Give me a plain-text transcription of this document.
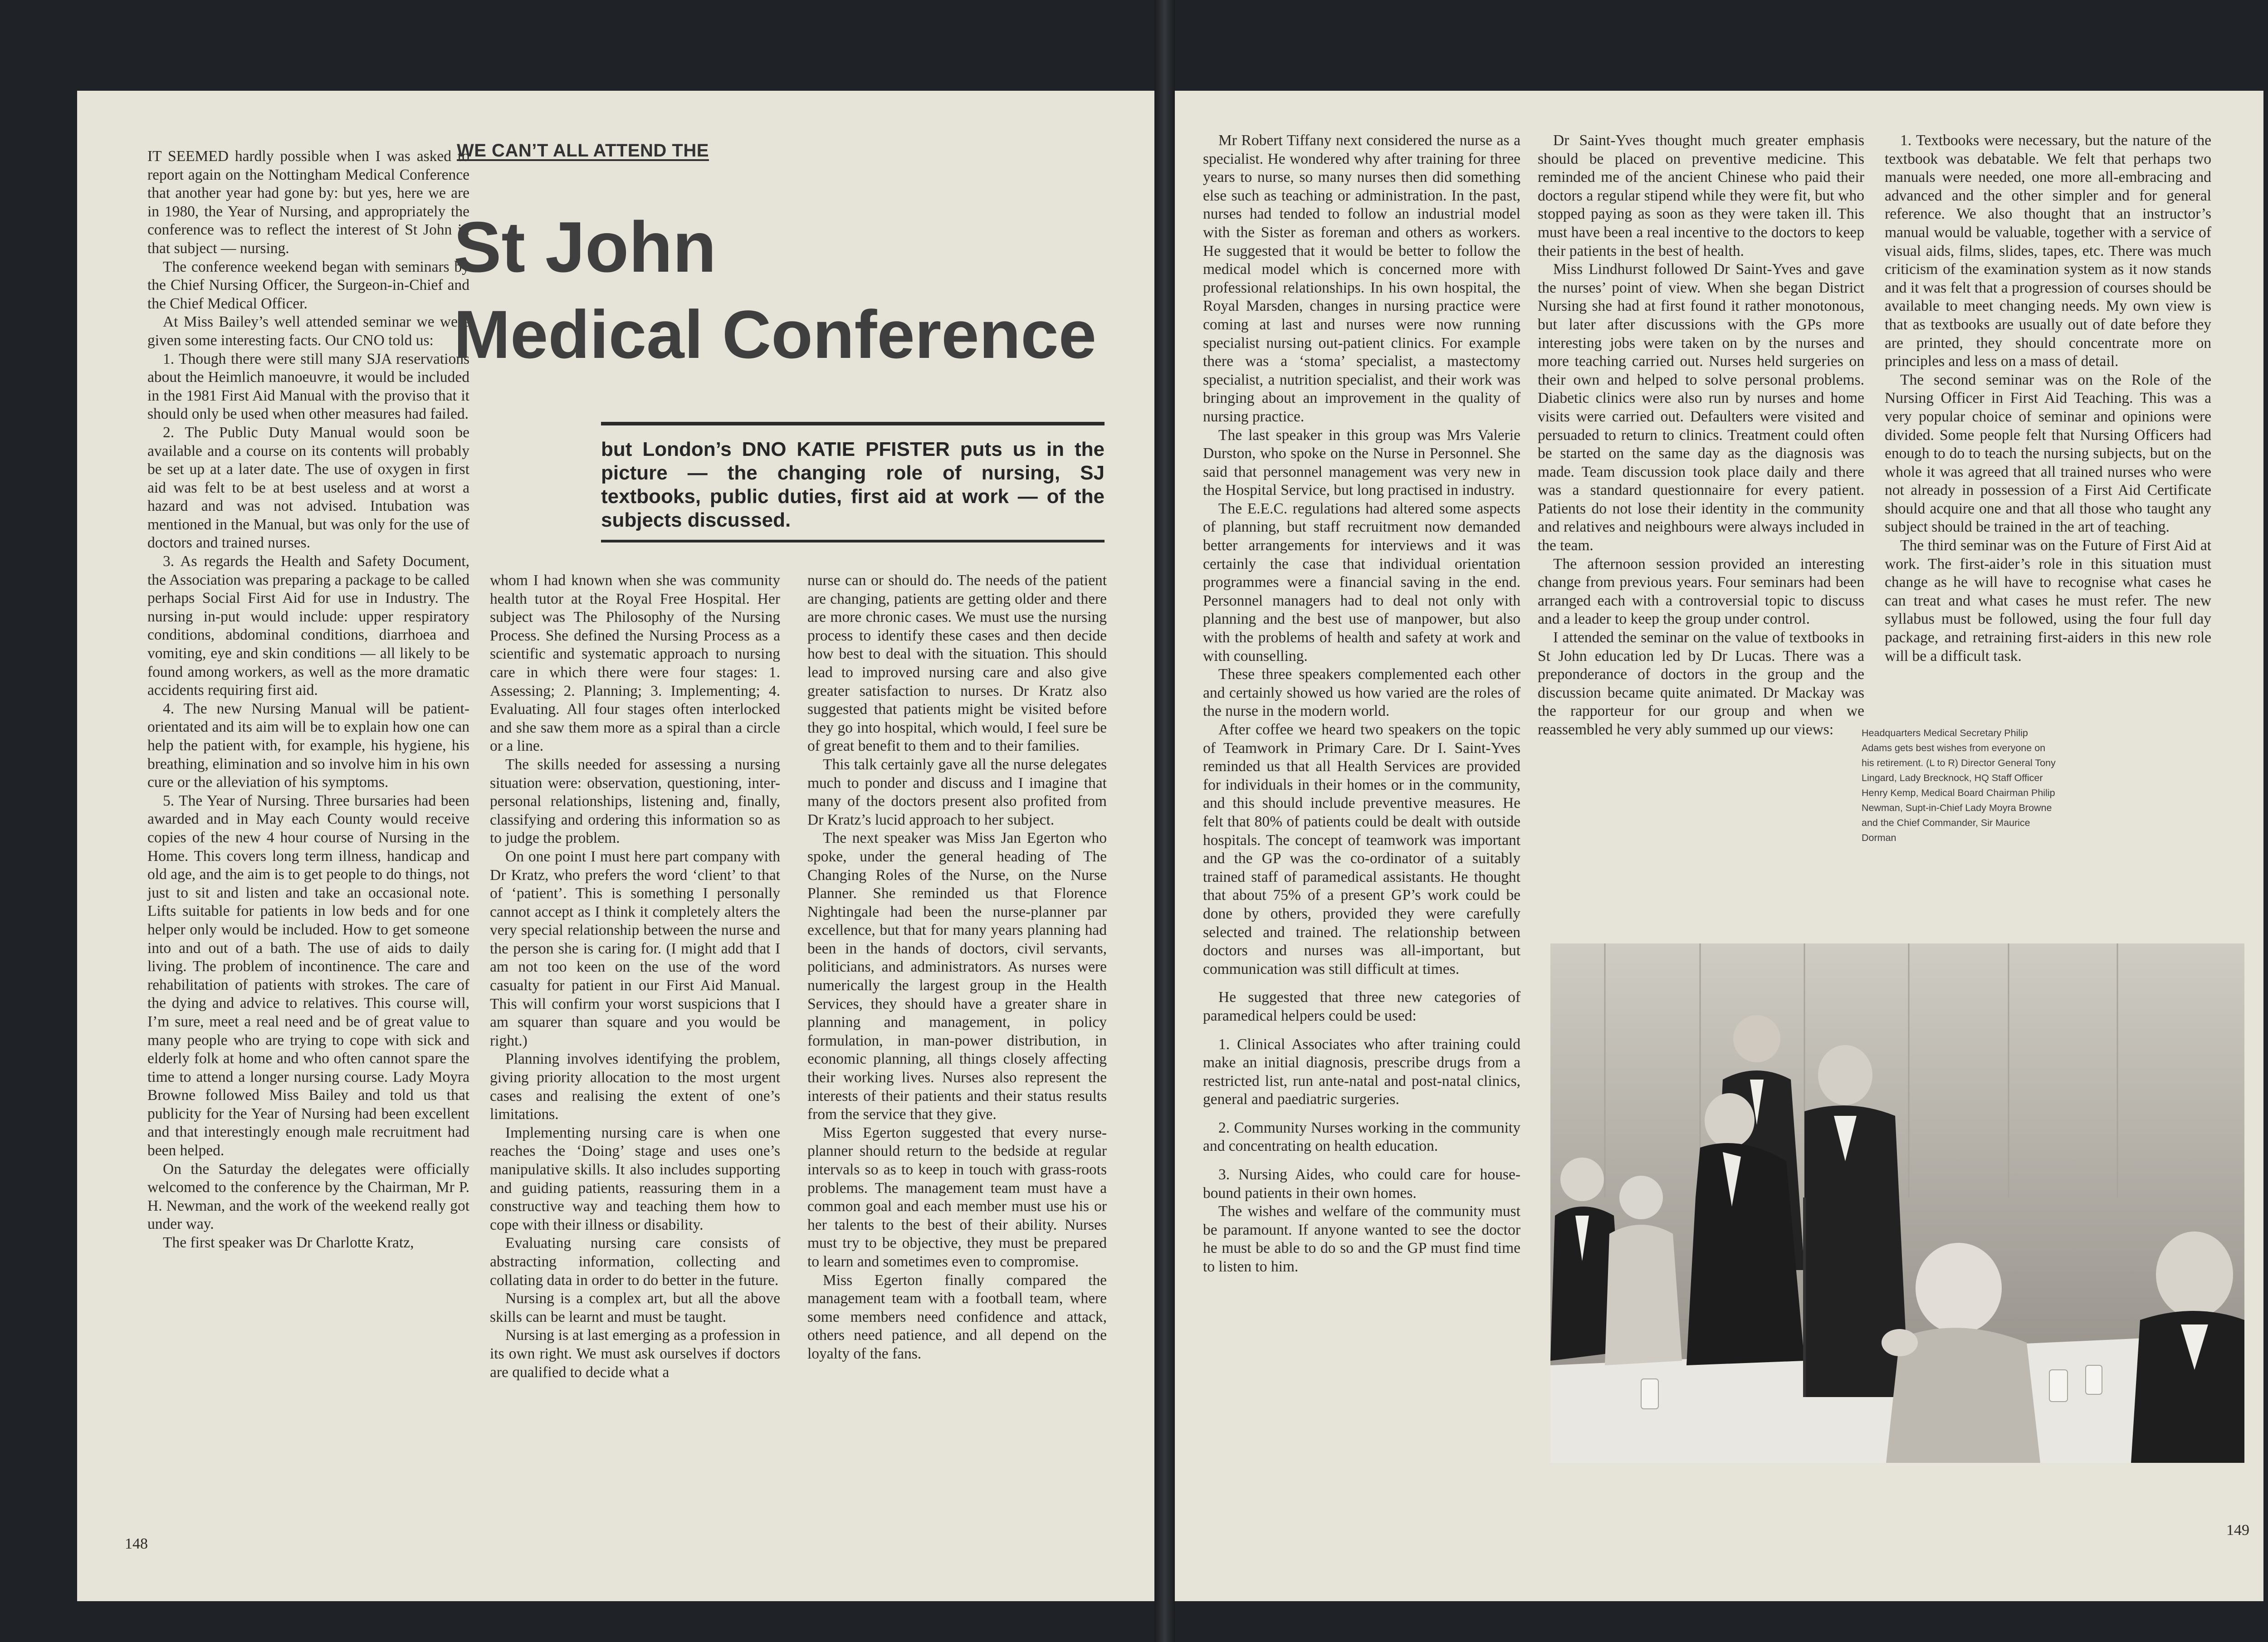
IT SEEMED hardly possible when I was asked to report again on the Nottingham Medical Conference that another year had gone by: but yes, here we are in 1980, the Year of Nursing, and appropriately the conference was to reflect the interest of St John in that subject — nursing.

The conference weekend began with seminars by the Chief Nursing Officer, the Surgeon-in-Chief and the Chief Medical Officer.

At Miss Bailey’s well attended seminar we were given some interesting facts. Our CNO told us:

1. Though there were still many SJA reservations about the Heimlich manoeuvre, it would be included in the 1981 First Aid Manual with the proviso that it should only be used when other measures had failed.

2. The Public Duty Manual would soon be available and a course on its contents will probably be set up at a later date. The use of oxygen in first aid was felt to be at best useless and at worst a hazard and was not advised. Intubation was mentioned in the Manual, but was only for the use of doctors and trained nurses.

3. As regards the Health and Safety Document, the Association was preparing a package to be called perhaps Social First Aid for use in Industry. The nursing in-put would include: upper respiratory conditions, abdominal conditions, diarrhoea and vomiting, eye and skin conditions — all likely to be found among workers, as well as the more dramatic accidents requiring first aid.

4. The new Nursing Manual will be patient-orientated and its aim will be to explain how one can help the patient with, for example, his hygiene, his breathing, elimination and so involve him in his own cure or the alleviation of his symptoms.

5. The Year of Nursing. Three bursaries had been awarded and in May each County would receive copies of the new 4 hour course of Nursing in the Home. This covers long term illness, handicap and old age, and the aim is to get people to do things, not just to sit and listen and take an occasional note. Lifts suitable for patients in low beds and for one helper only would be included. How to get someone into and out of a bath. The use of aids to daily living. The problem of incontinence. The care and rehabilitation of patients with strokes. The care of the dying and advice to relatives. This course will, I’m sure, meet a real need and be of great value to many people who are trying to cope with sick and elderly folk at home and who often cannot spare the time to attend a longer nursing course. Lady Moyra Browne followed Miss Bailey and told us that publicity for the Year of Nursing had been excellent and that interestingly enough male recruitment had been helped.

On the Saturday the delegates were officially welcomed to the conference by the Chairman, Mr P. H. Newman, and the work of the weekend really got under way.

The first speaker was Dr Charlotte Kratz,

WE CAN’T ALL ATTEND THE
St John
Medical Conference
but London’s DNO KATIE PFISTER puts us in the picture — the changing role of nursing, SJ textbooks, public duties, first aid at work — of the subjects discussed.

whom I had known when she was community health tutor at the Royal Free Hospital. Her subject was The Philosophy of the Nursing Process. She defined the Nursing Process as a scientific and systematic approach to nursing care in which there were four stages: 1. Assessing; 2. Planning; 3. Implementing; 4. Evaluating. All four stages often interlocked and she saw them more as a spiral than a circle or a line.

The skills needed for assessing a nursing situation were: observation, questioning, inter-personal relationships, listening and, finally, classifying and ordering this information so as to judge the problem.

On one point I must here part company with Dr Kratz, who prefers the word ‘client’ to that of ‘patient’. This is something I personally cannot accept as I think it completely alters the very special relationship between the nurse and the person she is caring for. (I might add that I am not too keen on the use of the word casualty for patient in our First Aid Manual. This will confirm your worst suspicions that I am squarer than square and you would be right.)

Planning involves identifying the problem, giving priority allocation to the most urgent cases and realising the extent of one’s limitations.

Implementing nursing care is when one reaches the ‘Doing’ stage and uses one’s manipulative skills. It also includes supporting and guiding patients, reassuring them in a constructive way and teaching them how to cope with their illness or disability.

Evaluating nursing care consists of abstracting information, collecting and collating data in order to do better in the future.

Nursing is a complex art, but all the above skills can be learnt and must be taught.

Nursing is at last emerging as a profession in its own right. We must ask ourselves if doctors are qualified to decide what a

nurse can or should do. The needs of the patient are changing, patients are getting older and there are more chronic cases. We must use the nursing process to identify these cases and then decide how best to deal with the situation. This should lead to improved nursing care and also give greater satisfaction to nurses. Dr Kratz also suggested that patients might be visited before they go into hospital, which would, I feel sure be of great benefit to them and to their families.

This talk certainly gave all the nurse delegates much to ponder and discuss and I imagine that many of the doctors present also profited from Dr Kratz’s lucid approach to her subject.

The next speaker was Miss Jan Egerton who spoke, under the general heading of The Changing Roles of the Nurse, on the Nurse Planner. She reminded us that Florence Nightingale had been the nurse-planner par excellence, but that for many years planning had been in the hands of doctors, civil servants, politicians, and administrators. As nurses were numerically the largest group in the Health Services, they should have a greater share in planning and management, in policy formulation, in man-power distribution, in economic planning, all things closely affecting their working lives. Nurses also represent the interests of their patients and their status results from the service that they give.

Miss Egerton suggested that every nurse-planner should return to the bedside at regular intervals so as to keep in touch with grass-roots problems. The management team must have a common goal and each member must use his or her talents to the best of their ability. Nurses must try to be objective, they must be prepared to learn and sometimes even to compromise.

Miss Egerton finally compared the management team with a football team, where some members need confidence and attack, others need patience, and all depend on the loyalty of the fans.

148

Mr Robert Tiffany next considered the nurse as a specialist. He wondered why after training for three years to nurse, so many nurses then did something else such as teaching or administration. In the past, nurses had tended to follow an industrial model with the Sister as foreman and others as workers. He suggested that it would be better to follow the medical model which is concerned more with professional relationships. In his own hospital, the Royal Marsden, changes in nursing practice were coming at last and nurses were now running specialist nursing out-patient clinics. For example there was a ‘stoma’ specialist, a mastectomy specialist, a nutrition specialist, and their work was bringing about an improvement in the quality of nursing practice.

The last speaker in this group was Mrs Valerie Durston, who spoke on the Nurse in Personnel. She said that personnel management was very new in the Hospital Service, but long practised in industry.

The E.E.C. regulations had altered some aspects of planning, but staff recruitment now demanded better arrangements for interviews and it was certainly the case that individual orientation programmes were a financial saving in the end. Personnel managers had to deal not only with planning and the best use of manpower, but also with the problems of health and safety at work and with counselling.

These three speakers complemented each other and certainly showed us how varied are the roles of the nurse in the modern world.

After coffee we heard two speakers on the topic of Teamwork in Primary Care. Dr I. Saint-Yves reminded us that all Health Services are provided for individuals in their homes or in the community, and this should include preventive measures. He felt that 80% of patients could be dealt with outside hospitals. The concept of teamwork was important and the GP was the co-ordinator of a suitably trained staff of paramedical assistants. He thought that about 75% of a present GP’s work could be done by others, provided they were carefully selected and trained. The relationship between doctors and nurses was all-important, but communication was still difficult at times.

He suggested that three new categories of paramedical helpers could be used:

1. Clinical Associates who after training could make an initial diagnosis, prescribe drugs from a restricted list, run ante-natal and post-natal clinics, general and paediatric surgeries.

2. Community Nurses working in the community and concentrating on health education.

3. Nursing Aides, who could care for house-bound patients in their own homes.

The wishes and welfare of the community must be paramount. If anyone wanted to see the doctor he must be able to do so and the GP must find time to listen to him.

Dr Saint-Yves thought much greater emphasis should be placed on preventive medicine. This reminded me of the ancient Chinese who paid their doctors a regular stipend while they were fit, but who stopped paying as soon as they were taken ill. This must have been a real incentive to the doctors to keep their patients in the best of health.

Miss Lindhurst followed Dr Saint-Yves and gave the nurses’ point of view. When she began District Nursing she had at first found it rather monotonous, but later after discussions with the GPs more interesting jobs were taken on by the nurses and more teaching carried out. Nurses held surgeries on their own and helped to solve personal problems. Diabetic clinics were also run by nurses and home visits were carried out. Defaulters were visited and persuaded to return to clinics. Treatment could often be started on the same day as the diagnosis was made. Team discussion took place daily and there was a standard questionnaire for every patient. Patients do not lose their identity in the community and relatives and neighbours were always included in the team.

The afternoon session provided an interesting change from previous years. Four seminars had been arranged each with a controversial topic to discuss and a leader to keep the group under control.

I attended the seminar on the value of textbooks in St John education led by Dr Lucas. There was a preponderance of doctors in the group and the discussion became quite animated. Dr Mackay was the rapporteur for our group and when we reassembled he very ably summed up our views:

1. Textbooks were necessary, but the nature of the textbook was debatable. We felt that perhaps two manuals were needed, one more all-embracing and advanced and the other simpler and for general reference. We also thought that an instructor’s manual would be valuable, together with a service of visual aids, films, slides, tapes, etc. There was much criticism of the examination system as it now stands and it was felt that a progression of courses should be available to meet changing needs. My own view is that as textbooks are usually out of date before they are printed, they should concentrate more on principles and less on a mass of detail.

The second seminar was on the Role of the Nursing Officer in First Aid Teaching. This was a very popular choice of seminar and opinions were divided. Some people felt that Nursing Officers had enough to do to teach the nursing subjects, but on the whole it was agreed that all trained nurses who were not already in possession of a First Aid Certificate should acquire one and that all those who taught any subject should be trained in the art of teaching.

The third seminar was on the Future of First Aid at work. The first-aider’s role in this situation must change as he will have to recognise what cases he can treat and what cases he must refer. The new syllabus must be followed, using the four full day package, and retraining first-aiders in this new role will be a difficult task.

149
Headquarters Medical Secretary Philip Adams gets best wishes from everyone on his retirement. (L to R) Director General Tony Lingard, Lady Brecknock, HQ Staff Officer Henry Kemp, Medical Board Chairman Philip Newman, Supt-in-Chief Lady Moyra Browne and the Chief Commander, Sir Maurice Dorman
